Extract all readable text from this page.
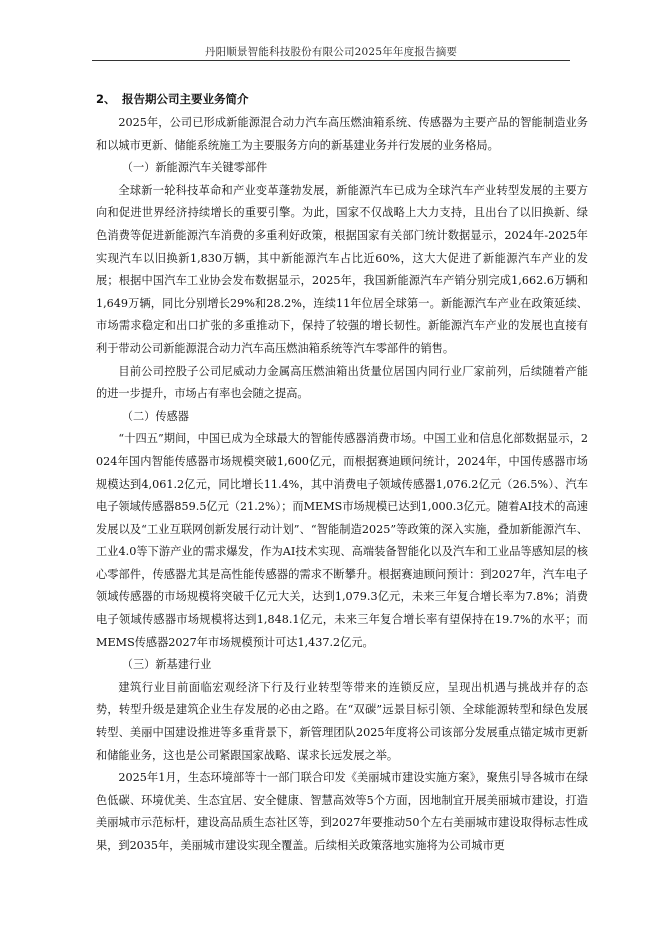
丹阳顺景智能科技股份有限公司2025年年度报告摘要
2、 报告期公司主要业务简介

2025年，公司已形成新能源混合动力汽车高压燃油箱系统、传感器为主要产品的智能制造业务和以城市更新、储能系统施工为主要服务方向的新基建业务并行发展的业务格局。

（一）新能源汽车关键零部件

全球新一轮科技革命和产业变革蓬勃发展，新能源汽车已成为全球汽车产业转型发展的主要方向和促进世界经济持续增长的重要引擎。为此，国家不仅战略上大力支持，且出台了以旧换新、绿色消费等促进新能源汽车消费的多重利好政策，根据国家有关部门统计数据显示，2024年-2025年实现汽车以旧换新1,830万辆，其中新能源汽车占比近60%，这大大促进了新能源汽车产业的发展；根据中国汽车工业协会发布数据显示，2025年，我国新能源汽车产销分别完成1,662.6万辆和1,649万辆，同比分别增长29%和28.2%，连续11年位居全球第一。新能源汽车产业在政策延续、市场需求稳定和出口扩张的多重推动下，保持了较强的增长韧性。新能源汽车产业的发展也直接有利于带动公司新能源混合动力汽车高压燃油箱系统等汽车零部件的销售。

目前公司控股子公司尼威动力金属高压燃油箱出货量位居国内同行业厂家前列，后续随着产能的进一步提升，市场占有率也会随之提高。

（二）传感器

“十四五”期间，中国已成为全球最大的智能传感器消费市场。中国工业和信息化部数据显示，2024年国内智能传感器市场规模突破1,600亿元，而根据赛迪顾问统计，2024年，中国传感器市场规模达到4,061.2亿元，同比增长11.4%，其中消费电子领域传感器1,076.2亿元（26.5%）、汽车电子领域传感器859.5亿元（21.2%）；而MEMS市场规模已达到1,000.3亿元。随着AI技术的高速发展以及“工业互联网创新发展行动计划”、“智能制造2025”等政策的深入实施，叠加新能源汽车、工业4.0等下游产业的需求爆发，作为AI技术实现、高端装备智能化以及汽车和工业品等感知层的核心零部件，传感器尤其是高性能传感器的需求不断攀升。根据赛迪顾问预计：到2027年，汽车电子领域传感器的市场规模将突破千亿元大关，达到1,079.3亿元，未来三年复合增长率为7.8%；消费电子领域传感器市场规模将达到1,848.1亿元，未来三年复合增长率有望保持在19.7%的水平；而MEMS传感器2027年市场规模预计可达1,437.2亿元。

（三）新基建行业

建筑行业目前面临宏观经济下行及行业转型等带来的连锁反应，呈现出机遇与挑战并存的态势，转型升级是建筑企业生存发展的必由之路。在“双碳”远景目标引领、全球能源转型和绿色发展转型、美丽中国建设推进等多重背景下，新管理团队2025年度将公司该部分发展重点锚定城市更新和储能业务，这也是公司紧跟国家战略、谋求长远发展之举。

2025年1月，生态环境部等十一部门联合印发《美丽城市建设实施方案》，聚焦引导各城市在绿色低碳、环境优美、生态宜居、安全健康、智慧高效等5个方面，因地制宜开展美丽城市建设，打造美丽城市示范标杆，建设高品质生态社区等，到2027年要推动50个左右美丽城市建设取得标志性成果，到2035年，美丽城市建设实现全覆盖。后续相关政策落地实施将为公司城市更
